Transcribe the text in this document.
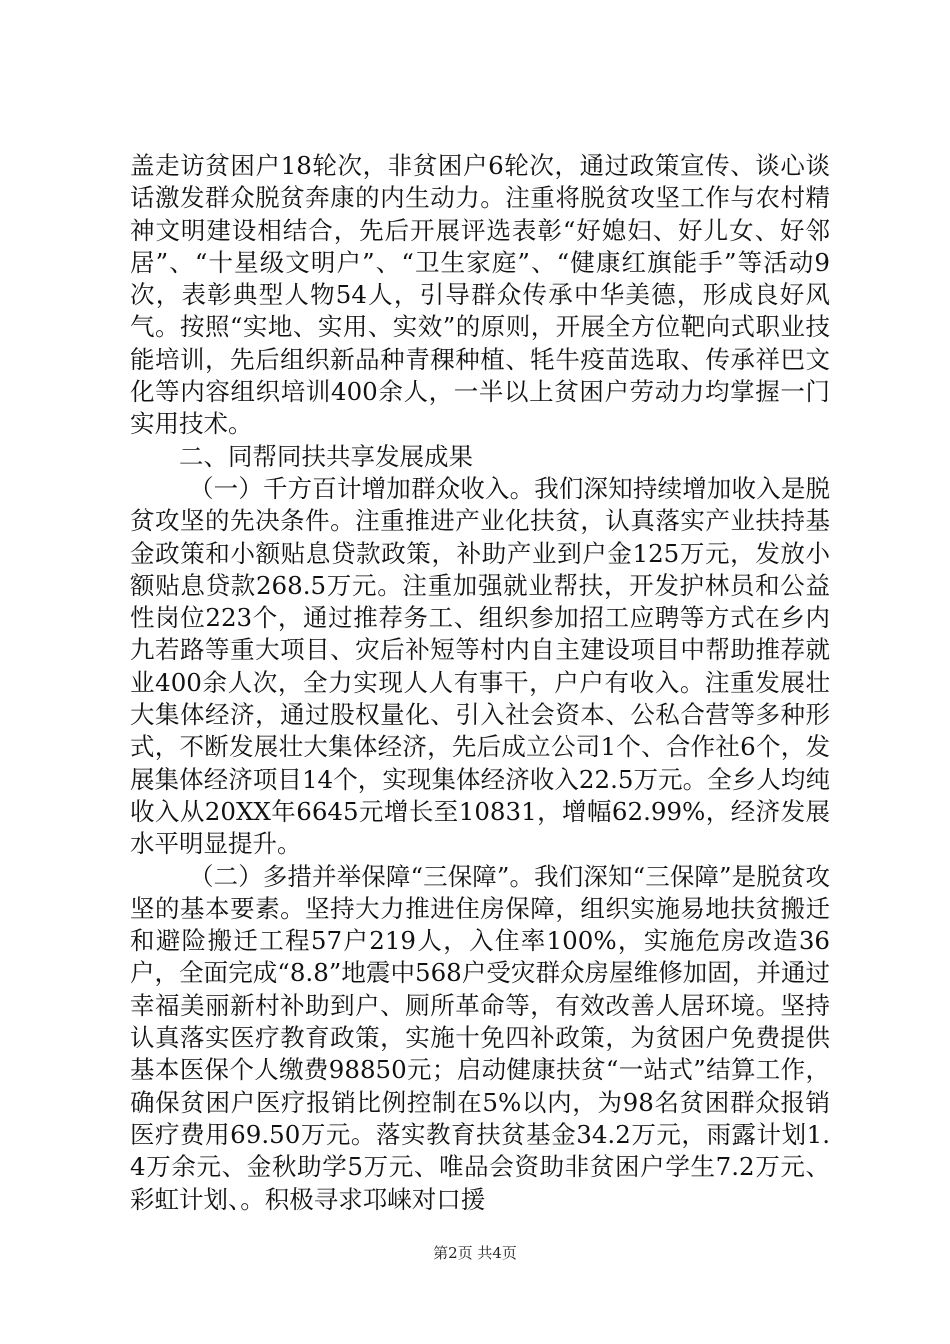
盖走访贫困户18轮次，非贫困户6轮次，通过政策宣传、谈心谈话激发群众脱贫奔康的内生动力。注重将脱贫攻坚工作与农村精神文明建设相结合，先后开展评选表彰“好媳妇、好儿女、好邻居”、“十星级文明户”、“卫生家庭”、“健康红旗能手”等活动9次，表彰典型人物54人，引导群众传承中华美德，形成良好风气。按照“实地、实用、实效”的原则，开展全方位靶向式职业技能培训，先后组织新品种青稞种植、牦牛疫苗选取、传承祥巴文化等内容组织培训400余人，一半以上贫困户劳动力均掌握一门实用技术。

二、同帮同扶共享发展成果

（一）千方百计增加群众收入。我们深知持续增加收入是脱贫攻坚的先决条件。注重推进产业化扶贫，认真落实产业扶持基金政策和小额贴息贷款政策，补助产业到户金125万元，发放小额贴息贷款268.5万元。注重加强就业帮扶，开发护林员和公益性岗位223个，通过推荐务工、组织参加招工应聘等方式在乡内九若路等重大项目、灾后补短等村内自主建设项目中帮助推荐就业400余人次，全力实现人人有事干，户户有收入。注重发展壮大集体经济，通过股权量化、引入社会资本、公私合营等多种形式，不断发展壮大集体经济，先后成立公司1个、合作社6个，发展集体经济项目14个，实现集体经济收入22.5万元。全乡人均纯收入从20XX年6645元增长至10831，增幅62.99%，经济发展水平明显提升。

（二）多措并举保障“三保障”。我们深知“三保障”是脱贫攻坚的基本要素。坚持大力推进住房保障，组织实施易地扶贫搬迁和避险搬迁工程57户219人，入住率100%，实施危房改造36户，全面完成“8.8”地震中568户受灾群众房屋维修加固，并通过幸福美丽新村补助到户、厕所革命等，有效改善人居环境。坚持认真落实医疗教育政策，实施十免四补政策，为贫困户免费提供基本医保个人缴费98850元；启动健康扶贫“一站式”结算工作，确保贫困户医疗报销比例控制在5%以内，为98名贫困群众报销医疗费用69.50万元。落实教育扶贫基金34.2万元，雨露计划1.4万余元、金秋助学5万元、唯品会资助非贫困户学生7.2万元、彩虹计划、。积极寻求邛崃对口援

第2页 共4页
